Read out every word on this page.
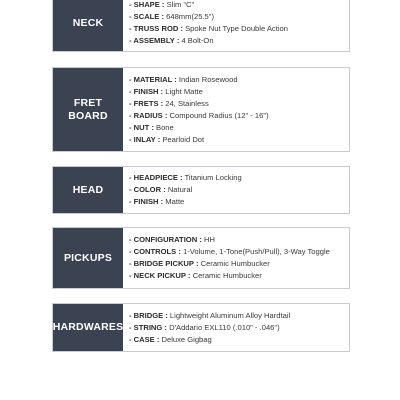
NECK
- SHAPE : Slim “C”
- SCALE : 648mm(25.5")
- TRUSS ROD : Spoke Nut Type Double Action
- ASSEMBLY : 4 Bolt-On
FRET
BOARD
- MATERIAL : Indian Rosewood
- FINISH : Light Matte
- FRETS : 24, Stainless
- RADIUS : Compound Radius (12" - 16")
- NUT : Bone
- INLAY : Pearloid Dot
HEAD
- HEADPIECE : Titanium Locking
- COLOR : Natural
- FINISH : Matte
PICKUPS
- CONFIGURATION : HH
- CONTROLS : 1-Volume, 1-Tone(Push/Pull), 3-Way Toggle
- BRIDGE PICKUP : Ceramic Humbucker
- NECK PICKUP : Ceramic Humbucker
HARDWARES
- BRIDGE : Lightweight Aluminum Alloy Hardtail
- STRING : D'Addario EXL110 (.010" - .046")
- CASE : Deluxe Gigbag
